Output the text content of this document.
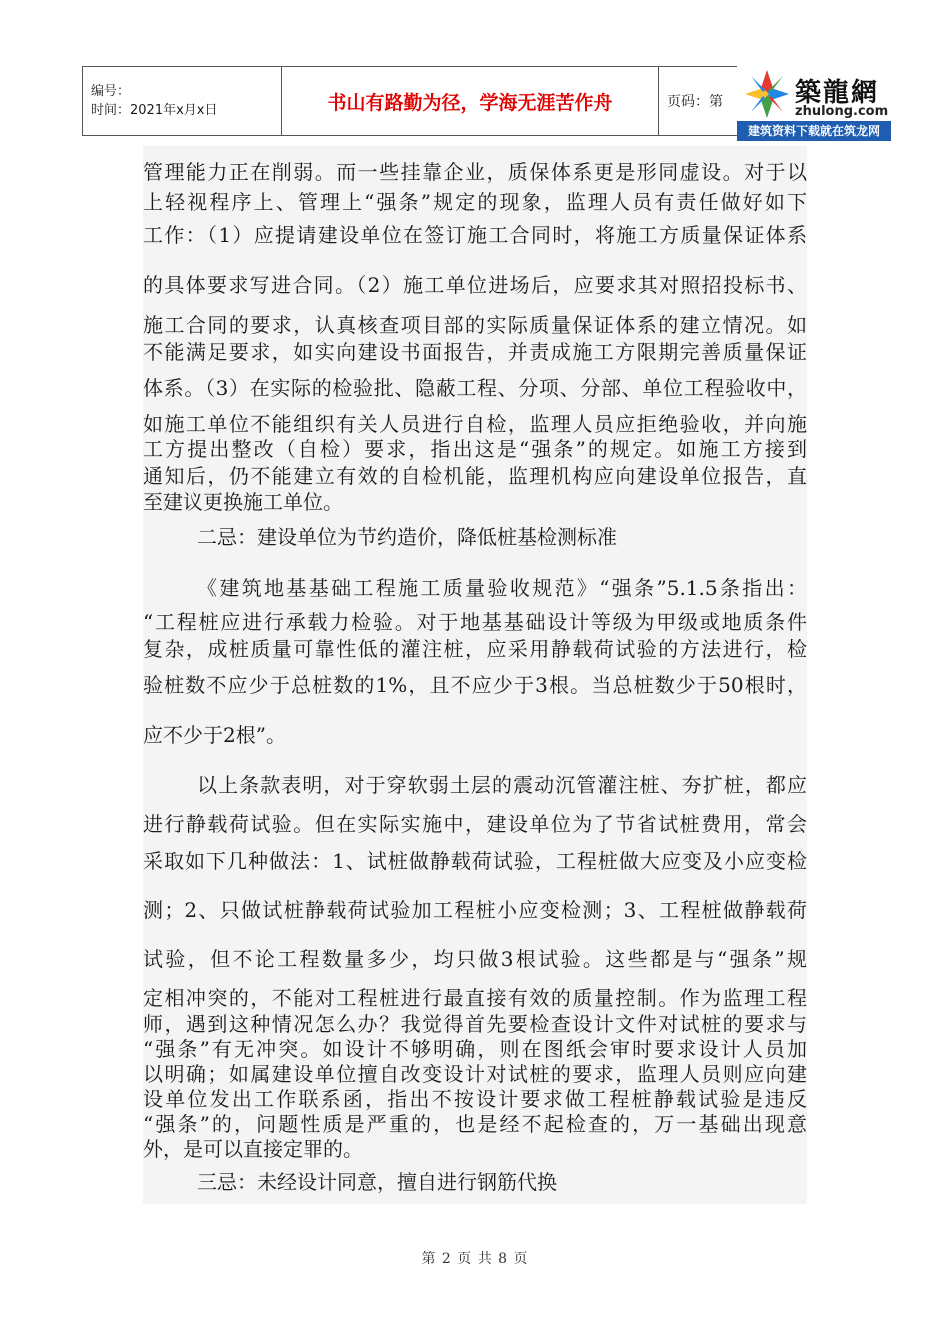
编号：
时间：2021年x月x日	书山有路勤为径，学海无涯苦作舟	页码：第	築龍網
zhulong.com
建筑资料下载就在筑龙网
管理能力正在削弱。而一些挂靠企业，质保体系更是形同虚设。对于以
上轻视程序上、管理上“强条”规定的现象，监理人员有责任做好如下
工作：（1）应提请建设单位在签订施工合同时，将施工方质量保证体系
的具体要求写进合同。（2）施工单位进场后，应要求其对照招投标书、
施工合同的要求，认真核查项目部的实际质量保证体系的建立情况。如
不能满足要求，如实向建设书面报告，并责成施工方限期完善质量保证
体系。（3）在实际的检验批、隐蔽工程、分项、分部、单位工程验收中，
如施工单位不能组织有关人员进行自检，监理人员应拒绝验收，并向施
工方提出整改（自检）要求，指出这是“强条”的规定。如施工方接到
通知后，仍不能建立有效的自检机能，监理机构应向建设单位报告，直
至建议更换施工单位。
二忌：建设单位为节约造价，降低桩基检测标准
《建筑地基基础工程施工质量验收规范》“强条”5.1.5条指出：
“工程桩应进行承载力检验。对于地基基础设计等级为甲级或地质条件
复杂，成桩质量可靠性低的灌注桩，应采用静载荷试验的方法进行，检
验桩数不应少于总桩数的1%，且不应少于3根。当总桩数少于50根时，
应不少于2根”。
以上条款表明，对于穿软弱土层的震动沉管灌注桩、夯扩桩，都应
进行静载荷试验。但在实际实施中，建设单位为了节省试桩费用，常会
采取如下几种做法：1、试桩做静载荷试验，工程桩做大应变及小应变检
测；2、只做试桩静载荷试验加工程桩小应变检测；3、工程桩做静载荷
试验，但不论工程数量多少，均只做3根试验。这些都是与“强条”规
定相冲突的，不能对工程桩进行最直接有效的质量控制。作为监理工程
师，遇到这种情况怎么办？我觉得首先要检查设计文件对试桩的要求与
“强条”有无冲突。如设计不够明确，则在图纸会审时要求设计人员加
以明确；如属建设单位擅自改变设计对试桩的要求，监理人员则应向建
设单位发出工作联系函，指出不按设计要求做工程桩静载试验是违反
“强条”的，问题性质是严重的，也是经不起检查的，万一基础出现意
外，是可以直接定罪的。
三忌：未经设计同意，擅自进行钢筋代换
第 2 页 共 8 页
